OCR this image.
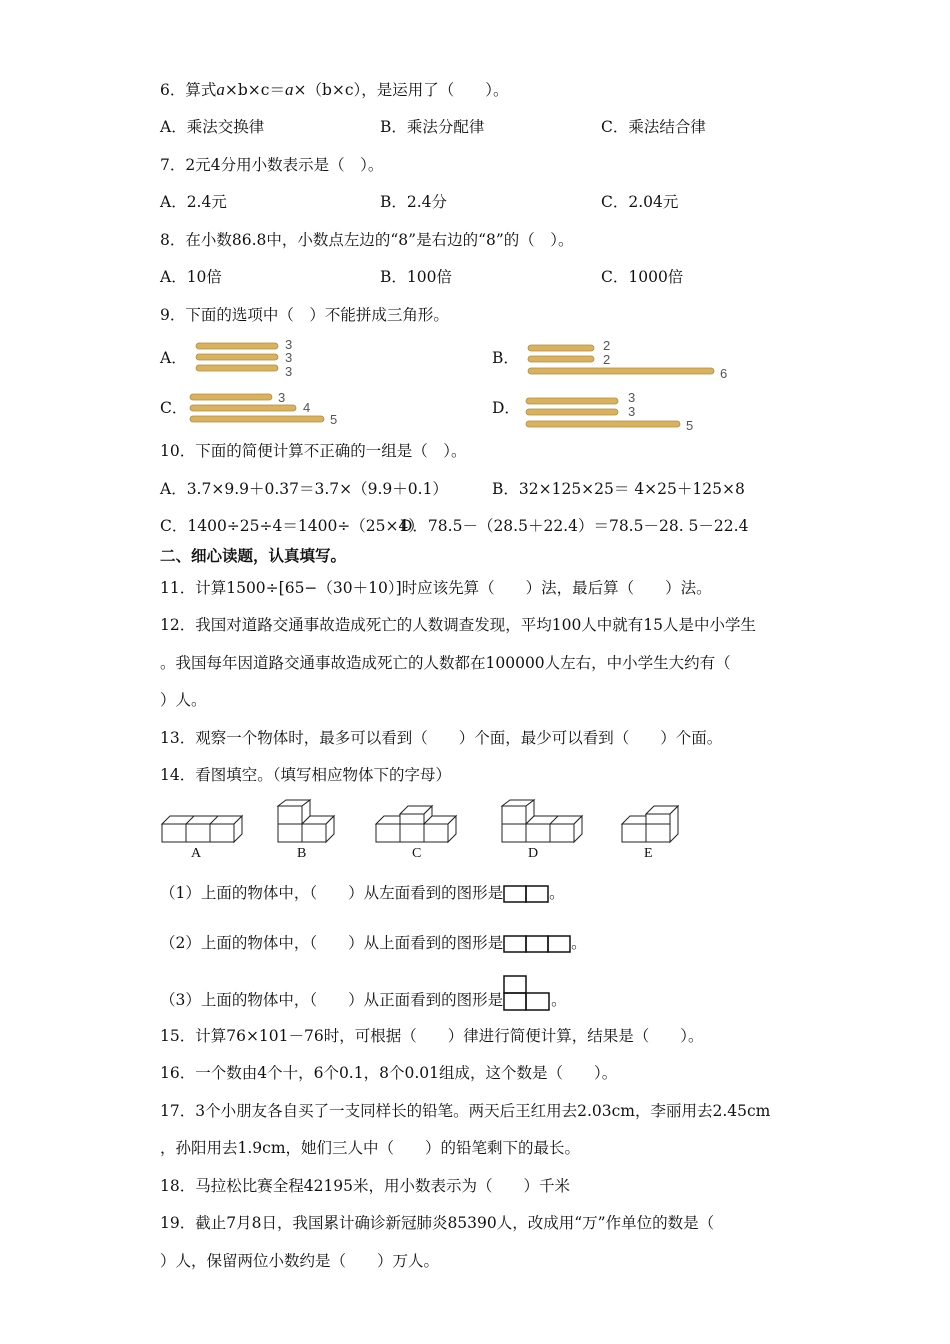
6．算式a×b×c＝a×（b×c），是运用了（　　）。
A．乘法交换律	B．乘法分配律	C．乘法结合律
7．2元4分用小数表示是（　）。
A．2.4元	B．2.4分	C．2.04元
8．在小数86.8中，小数点左边的“8”是右边的“8”的（　）。
A．10倍	B．100倍	C．1000倍
9．下面的选项中（　）不能拼成三角形。
A．
3
3
3
B．
2
2
6
C．
3
4
5
D．
3
3
5
10．下面的简便计算不正确的一组是（　）。
A．3.7×9.9＋0.37＝3.7×（9.9＋0.1）	B．32×125×25＝ 4×25＋125×8
C．1400÷25÷4＝1400÷（25×4）
D．78.5－（28.5＋22.4）＝78.5－28. 5－22.4
二、细心读题，认真填写。
11．计算1500÷[65−（30＋10）]时应该先算（　　）法，最后算（　　）法。
12．我国对道路交通事故造成死亡的人数调查发现，平均100人中就有15人是中小学生
。我国每年因道路交通事故造成死亡的人数都在100000人左右，中小学生大约有（
）人。
13．观察一个物体时，最多可以看到（　　）个面，最少可以看到（　　）个面。
14．看图填空。（填写相应物体下的字母）
A	B	C	D	E
（1）上面的物体中，（　　）从左面看到的图形是	。
（2）上面的物体中，（　　）从上面看到的图形是	。
（3）上面的物体中，（　　）从正面看到的图形是	。
15．计算76×101－76时，可根据（　　）律进行简便计算，结果是（　　）。
16．一个数由4个十，6个0.1，8个0.01组成，这个数是（　　）。
17．3个小朋友各自买了一支同样长的铅笔。两天后王红用去2.03cm，李丽用去2.45cm
，孙阳用去1.9cm，她们三人中（　　）的铅笔剩下的最长。
18．马拉松比赛全程42195米，用小数表示为（　　）千米
19．截止7月8日，我国累计确诊新冠肺炎85390人，改成用“万”作单位的数是（
）人，保留两位小数约是（　　）万人。
